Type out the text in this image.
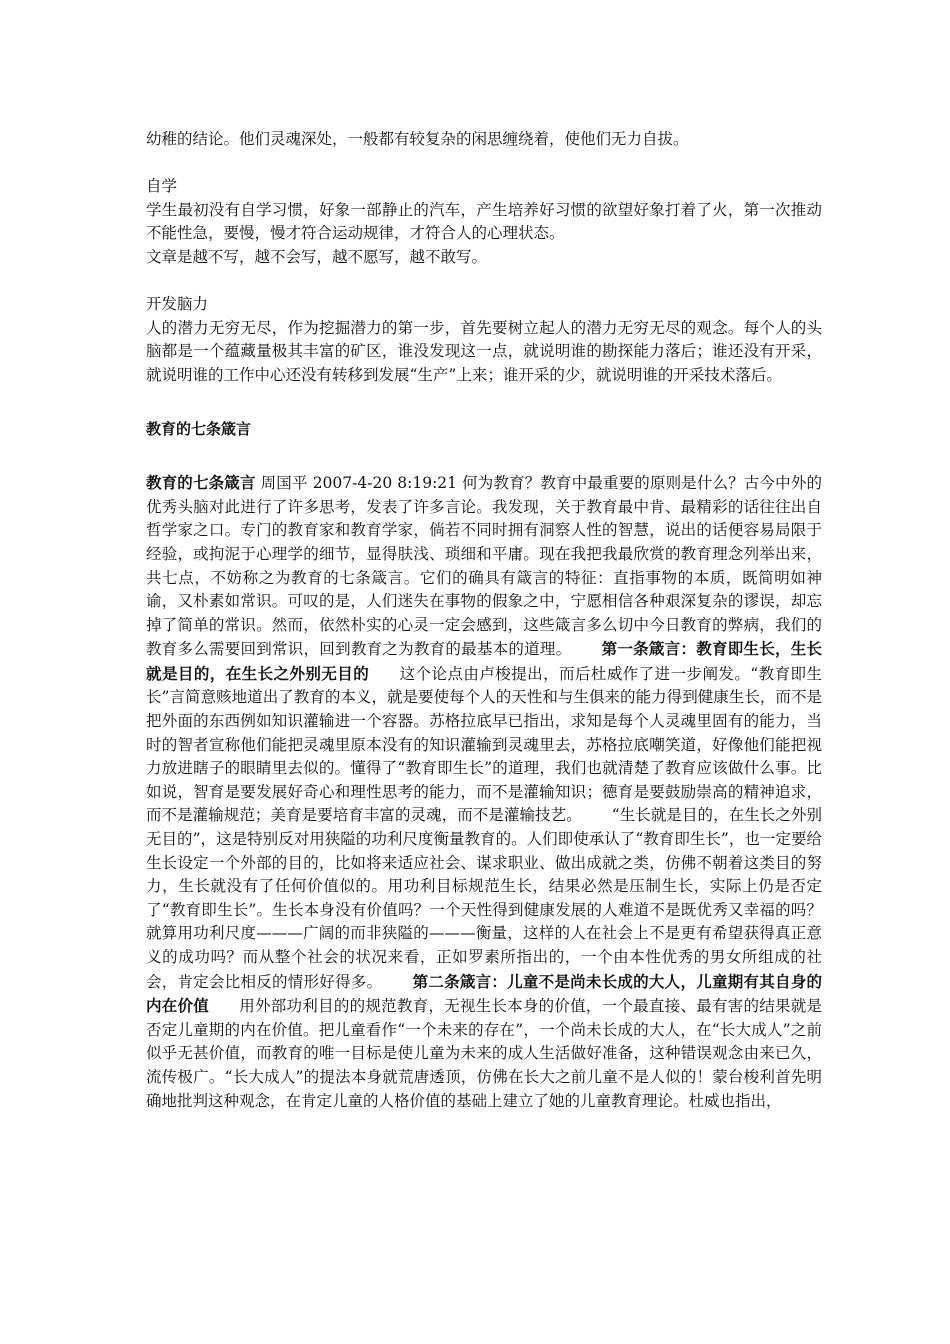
幼稚的结论。他们灵魂深处，一般都有较复杂的闲思缠绕着，使他们无力自拔。

自学

学生最初没有自学习惯，好象一部静止的汽车，产生培养好习惯的欲望好象打着了火，第一次推动不能性急，要慢，慢才符合运动规律，才符合人的心理状态。

文章是越不写，越不会写，越不愿写，越不敢写。

开发脑力

人的潜力无穷无尽，作为挖掘潜力的第一步，首先要树立起人的潜力无穷无尽的观念。每个人的头脑都是一个蕴藏量极其丰富的矿区，谁没发现这一点，就说明谁的勘探能力落后；谁还没有开采，就说明谁的工作中心还没有转移到发展“生产”上来；谁开采的少，就说明谁的开采技术落后。

教育的七条箴言

教育的七条箴言 周国平 2007-4-20 8:19:21 何为教育？教育中最重要的原则是什么？古今中外的优秀头脑对此进行了许多思考，发表了许多言论。我发现，关于教育最中肯、最精彩的话往往出自哲学家之口。专门的教育家和教育学家，倘若不同时拥有洞察人性的智慧，说出的话便容易局限于经验，或拘泥于心理学的细节，显得肤浅、琐细和平庸。现在我把我最欣赏的教育理念列举出来，共七点，不妨称之为教育的七条箴言。它们的确具有箴言的特征：直指事物的本质，既简明如神谕，又朴素如常识。可叹的是，人们迷失在事物的假象之中，宁愿相信各种艰深复杂的谬误，却忘掉了简单的常识。然而，依然朴实的心灵一定会感到，这些箴言多么切中今日教育的弊病，我们的教育多么需要回到常识，回到教育之为教育的最基本的道理。 第一条箴言：教育即生长，生长就是目的，在生长之外别无目的 这个论点由卢梭提出，而后杜威作了进一步阐发。“教育即生长”言简意赅地道出了教育的本义，就是要使每个人的天性和与生俱来的能力得到健康生长，而不是把外面的东西例如知识灌输进一个容器。苏格拉底早已指出，求知是每个人灵魂里固有的能力，当时的智者宣称他们能把灵魂里原本没有的知识灌输到灵魂里去，苏格拉底嘲笑道，好像他们能把视力放进瞎子的眼睛里去似的。懂得了“教育即生长”的道理，我们也就清楚了教育应该做什么事。比如说，智育是要发展好奇心和理性思考的能力，而不是灌输知识；德育是要鼓励崇高的精神追求，而不是灌输规范；美育是要培育丰富的灵魂，而不是灌输技艺。 “生长就是目的，在生长之外别无目的”，这是特别反对用狭隘的功利尺度衡量教育的。人们即使承认了“教育即生长”，也一定要给生长设定一个外部的目的，比如将来适应社会、谋求职业、做出成就之类，仿佛不朝着这类目的努力，生长就没有了任何价值似的。用功利目标规范生长，结果必然是压制生长，实际上仍是否定了“教育即生长”。生长本身没有价值吗？一个天性得到健康发展的人难道不是既优秀又幸福的吗？就算用功利尺度———广阔的而非狭隘的———衡量，这样的人在社会上不是更有希望获得真正意义的成功吗？而从整个社会的状况来看，正如罗素所指出的，一个由本性优秀的男女所组成的社会，肯定会比相反的情形好得多。 第二条箴言：儿童不是尚未长成的大人，儿童期有其自身的内在价值 用外部功利目的的规范教育，无视生长本身的价值，一个最直接、最有害的结果就是否定儿童期的内在价值。把儿童看作“一个未来的存在”，一个尚未长成的大人，在“长大成人”之前似乎无甚价值，而教育的唯一目标是使儿童为未来的成人生活做好准备，这种错误观念由来已久，流传极广。“长大成人”的提法本身就荒唐透顶，仿佛在长大之前儿童不是人似的！蒙台梭利首先明确地批判这种观念，在肯定儿童的人格价值的基础上建立了她的儿童教育理论。杜威也指出，
